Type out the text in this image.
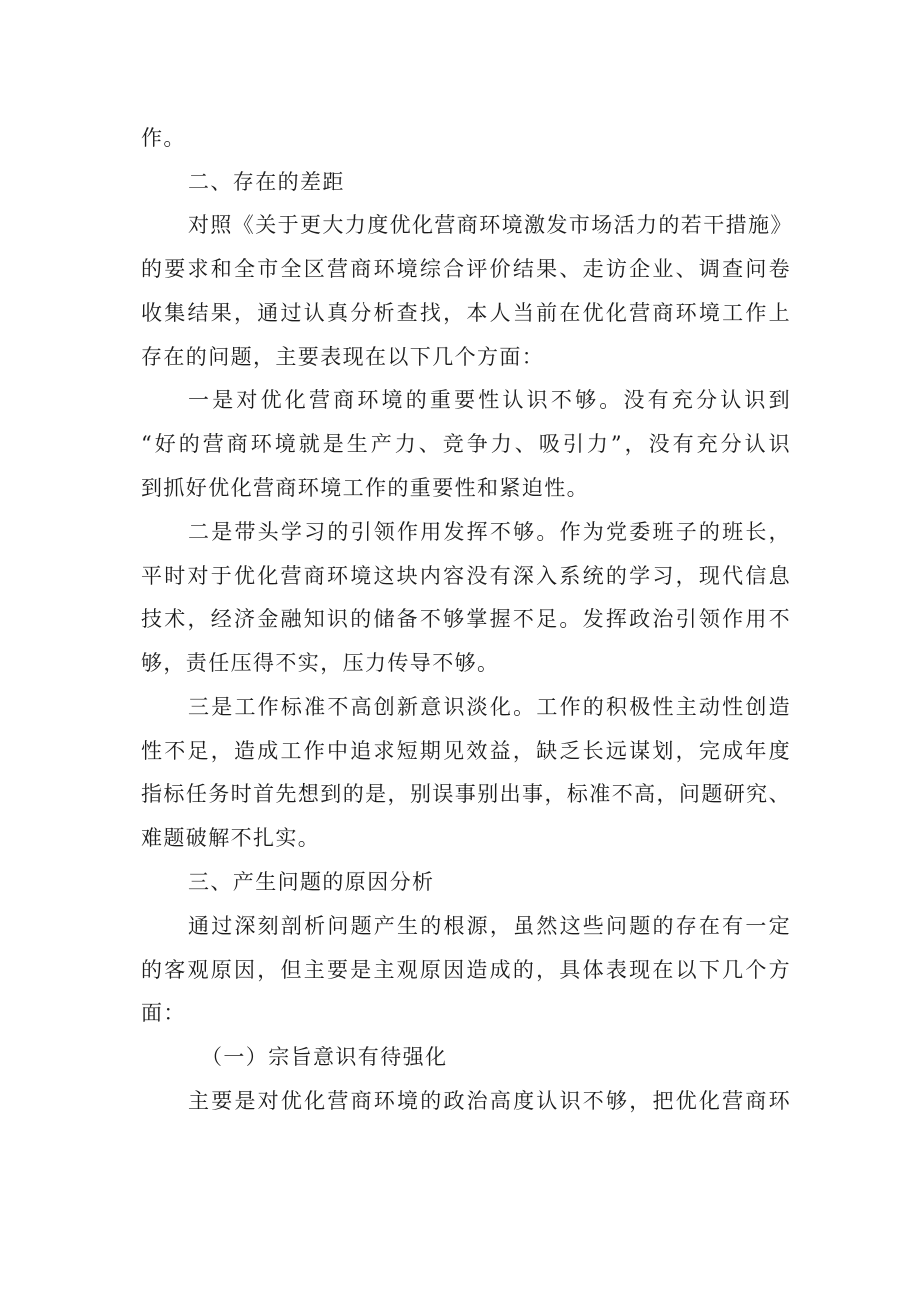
作。
二、存在的差距
对照《关于更大力度优化营商环境激发市场活力的若干措施》
的要求和全市全区营商环境综合评价结果、走访企业、调查问卷
收集结果，通过认真分析查找，本人当前在优化营商环境工作上
存在的问题，主要表现在以下几个方面：
一是对优化营商环境的重要性认识不够。没有充分认识到
“好的营商环境就是生产力、竞争力、吸引力”，没有充分认识
到抓好优化营商环境工作的重要性和紧迫性。
二是带头学习的引领作用发挥不够。作为党委班子的班长，
平时对于优化营商环境这块内容没有深入系统的学习，现代信息
技术，经济金融知识的储备不够掌握不足。发挥政治引领作用不
够，责任压得不实，压力传导不够。
三是工作标准不高创新意识淡化。工作的积极性主动性创造
性不足，造成工作中追求短期见效益，缺乏长远谋划，完成年度
指标任务时首先想到的是，别误事别出事，标准不高，问题研究、
难题破解不扎实。
三、产生问题的原因分析
通过深刻剖析问题产生的根源，虽然这些问题的存在有一定
的客观原因，但主要是主观原因造成的，具体表现在以下几个方
面：
（一）宗旨意识有待强化
主要是对优化营商环境的政治高度认识不够，把优化营商环
